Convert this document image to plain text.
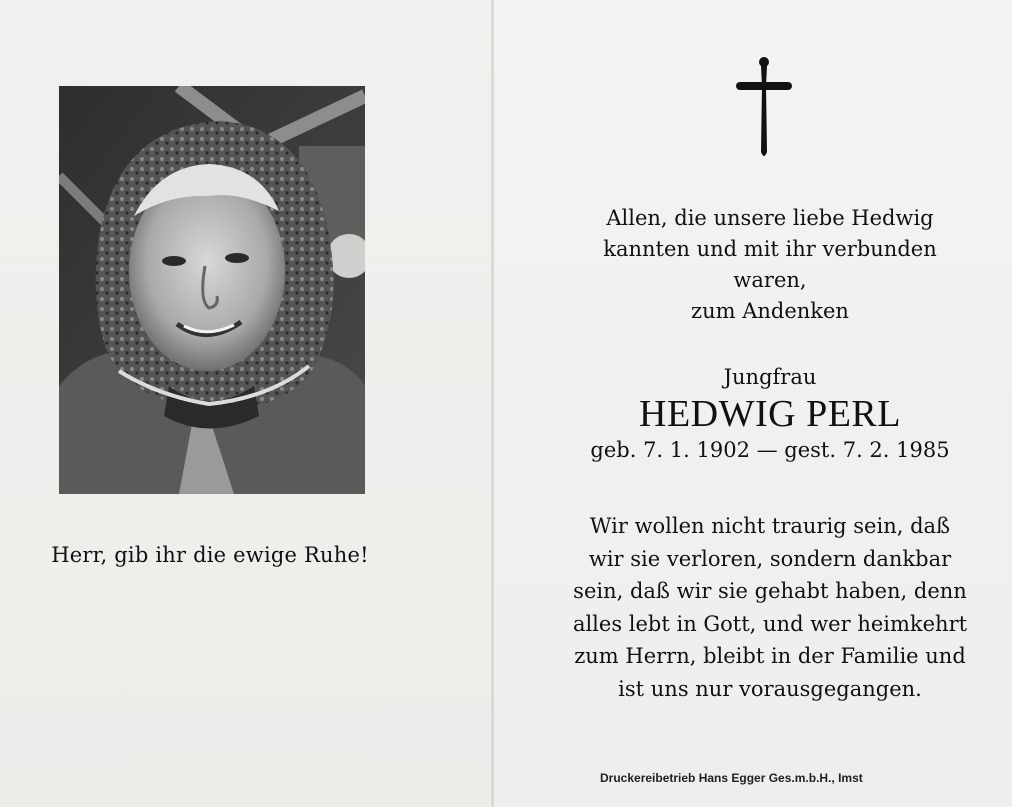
Herr, gib ihr die ewige Ruhe!
Allen, die unsere liebe Hedwig
kannten und mit ihr verbunden
waren,
zum Andenken
Jungfrau
HEDWIG PERL
geb. 7. 1. 1902 — gest. 7. 2. 1985
Wir wollen nicht traurig sein, daß
wir sie verloren, sondern dankbar
sein, daß wir sie gehabt haben, denn
alles lebt in Gott, und wer heimkehrt
zum Herrn, bleibt in der Familie und
ist uns nur vorausgegangen.
Druckereibetrieb Hans Egger Ges.m.b.H., Imst
